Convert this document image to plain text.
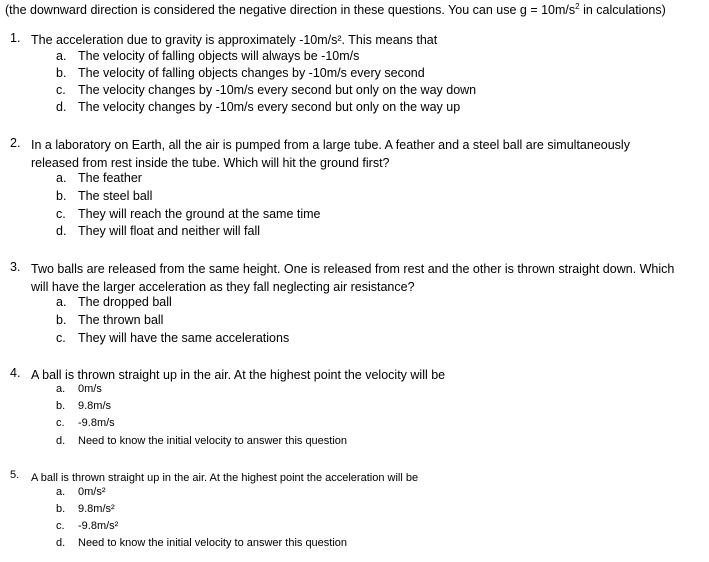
(the downward direction is considered the negative direction in these questions. You can use $g = 10m/s^2$ in calculations)
1. The acceleration due to gravity is approximately -10m/s². This means that
a. The velocity of falling objects will always be -10m/s
b. The velocity of falling objects changes by -10m/s every second
c. The velocity changes by -10m/s every second but only on the way down
d. The velocity changes by -10m/s every second but only on the way up
2. In a laboratory on Earth, all the air is pumped from a large tube. A feather and a steel ball are simultaneously released from rest inside the tube. Which will hit the ground first?
a. The feather
b. The steel ball
c. They will reach the ground at the same time
d. They will float and neither will fall
3. Two balls are released from the same height. One is released from rest and the other is thrown straight down. Which will have the larger acceleration as they fall neglecting air resistance?
a. The dropped ball
b. The thrown ball
c. They will have the same accelerations
4. A ball is thrown straight up in the air. At the highest point the velocity will be
a. 0m/s
b. 9.8m/s
c. -9.8m/s
d. Need to know the initial velocity to answer this question
5. A ball is thrown straight up in the air. At the highest point the acceleration will be
a. 0m/s²
b. 9.8m/s²
c. -9.8m/s²
d. Need to know the initial velocity to answer this question
